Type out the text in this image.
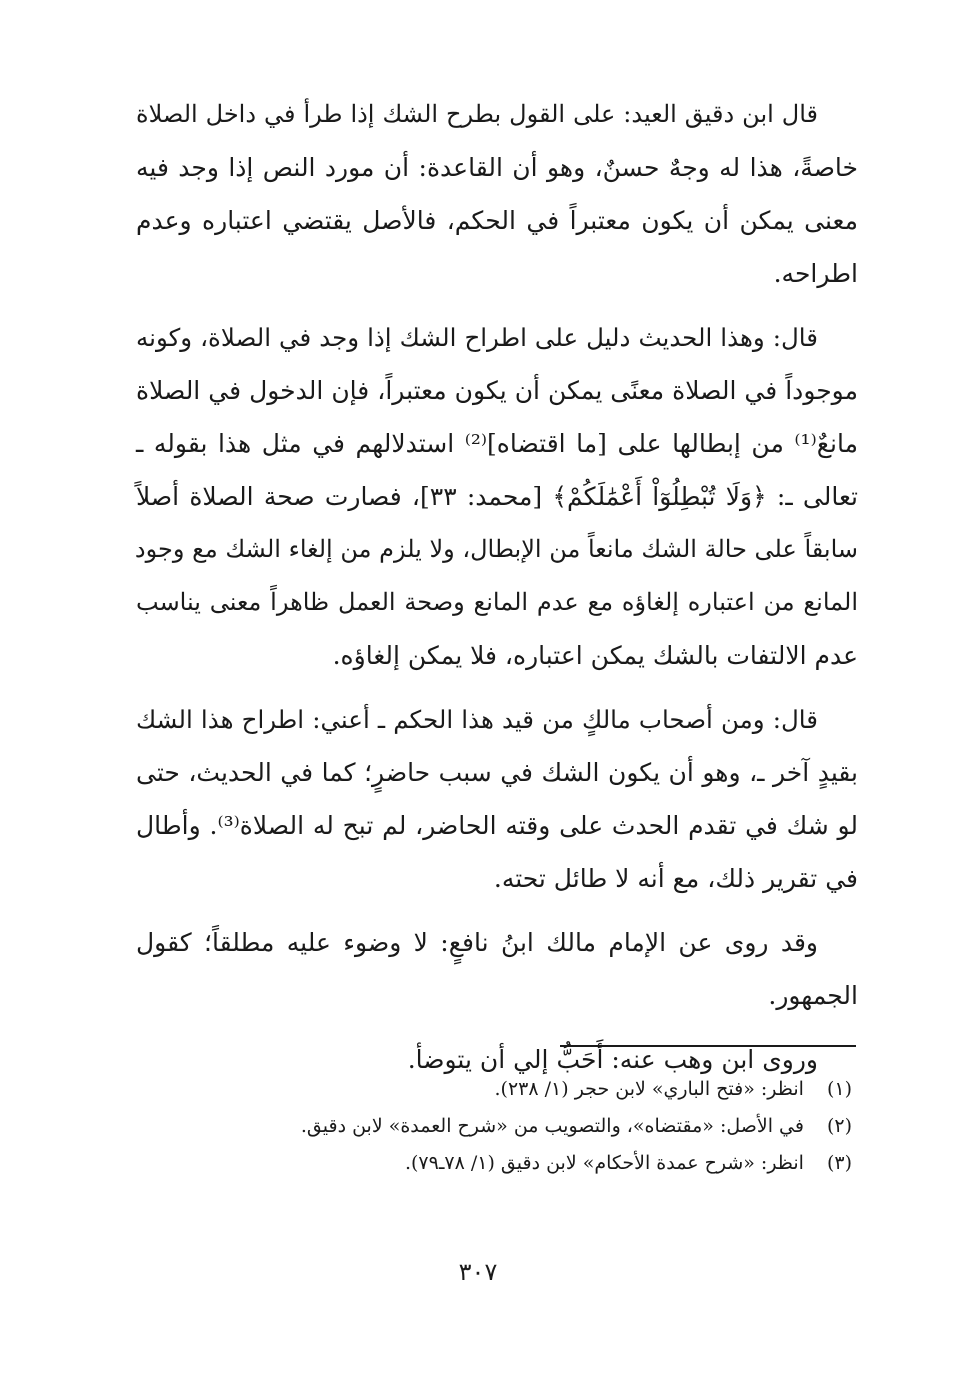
قال ابن دقيق العيد: على القول بطرح الشك إذا طرأ في داخل الصلاة
خاصةً، هذا له وجهٌ حسنٌ، وهو أن القاعدة: أن مورد النص إذا وجد فيه
معنى يمكن أن يكون معتبراً في الحكم، فالأصل يقتضي اعتباره وعدم
اطراحه.
قال: وهذا الحديث دليل على اطراح الشك إذا وجد في الصلاة، وكونه
موجوداً في الصلاة معنًى يمكن أن يكون معتبراً، فإن الدخول في الصلاة
مانعٌ⁽¹⁾ من إبطالها على [ما اقتضاه]⁽²⁾ استدلالهم في مثل هذا بقوله ـ
تعالى ـ: ﴿وَلَا تُبْطِلُوٓاْ أَعْمَٰلَكُمْ﴾ [محمد: ٣٣]، فصارت صحة الصلاة أصلاً
سابقاً على حالة الشك مانعاً من الإبطال، ولا يلزم من إلغاء الشك مع وجود
المانع من اعتباره إلغاؤه مع عدم المانع وصحة العمل ظاهراً معنى يناسب
عدم الالتفات بالشك يمكن اعتباره، فلا يمكن إلغاؤه.
قال: ومن أصحاب مالكٍ من قيد هذا الحكم ـ أعني: اطراح هذا الشك
بقيدٍ آخر ـ، وهو أن يكون الشك في سبب حاضرٍ؛ كما في الحديث، حتى
لو شك في تقدم الحدث على وقته الحاضر، لم تبح له الصلاة⁽³⁾. وأطال
في تقرير ذلك، مع أنه لا طائل تحته.
وقد روى عن الإمام مالك ابنُ نافعٍ: لا وضوء عليه مطلقاً؛ كقول
الجمهور.
وروى ابن وهب عنه: أَحَبُّ إلي أن يتوضأ.
(١) انظر: «فتح الباري» لابن حجر (١/ ٢٣٨).
(٢) في الأصل: «مقتضاه»، والتصويب من «شرح العمدة» لابن دقيق.
(٣) انظر: «شرح عمدة الأحكام» لابن دقيق (١/ ٧٨ـ٧٩).
٣٠٧
